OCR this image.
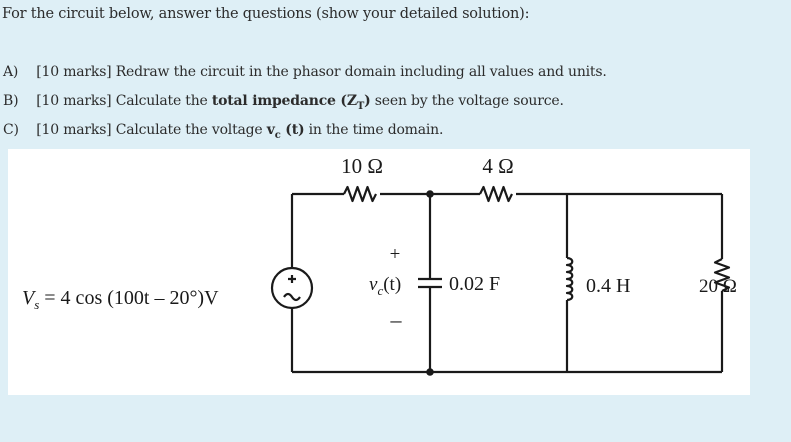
For the circuit below, answer the questions (show your detailed solution):
A) [10 marks] Redraw the circuit in the phasor domain including all values and units.
B) [10 marks] Calculate the total impedance $(Z_T)$ seen by the voltage source.
C) [10 marks] Calculate the voltage $v_c$ (t) in the time domain.
10 Ω	4 Ω
$V_s = 4$ cos (100t – 20°)V
+
$v_c(t)$
–
0.02 F	0.4 H	20 Ω
